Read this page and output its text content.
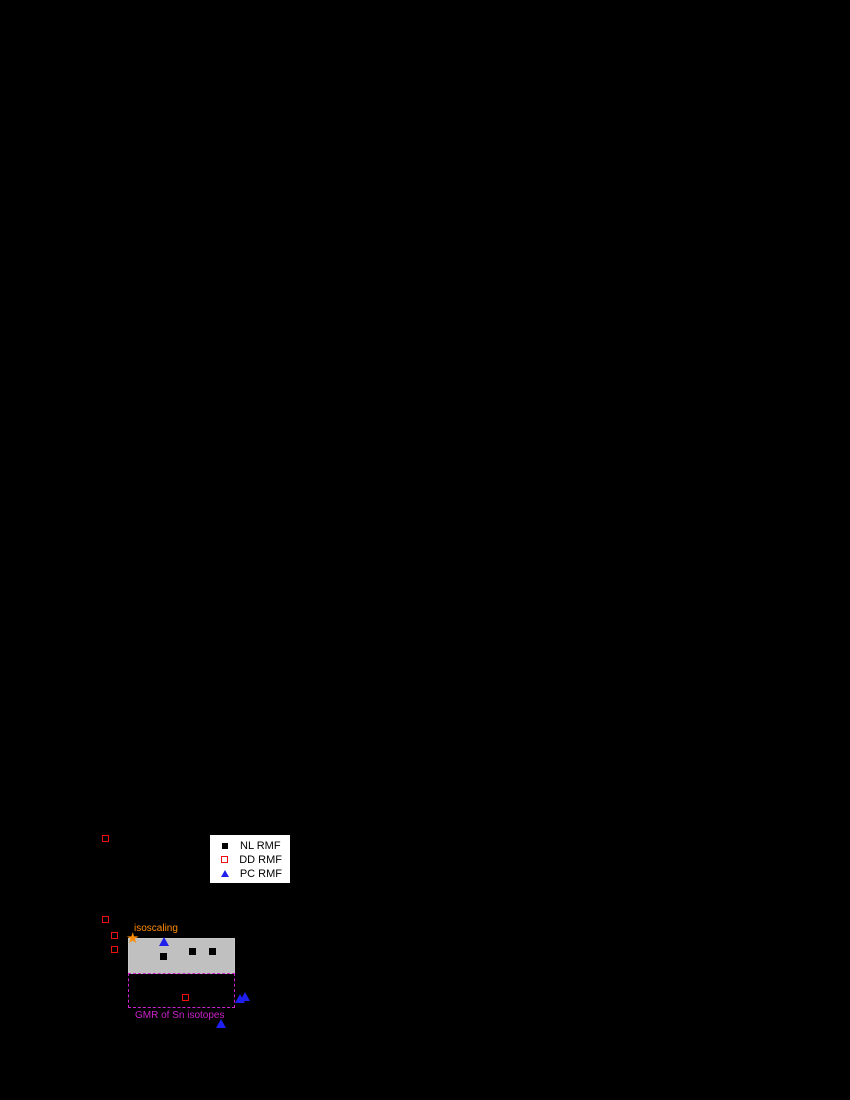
★
isoscaling
isospin diffusion
GMR of Sn isotopes
NL RMF
DD RMF
PC RMF
